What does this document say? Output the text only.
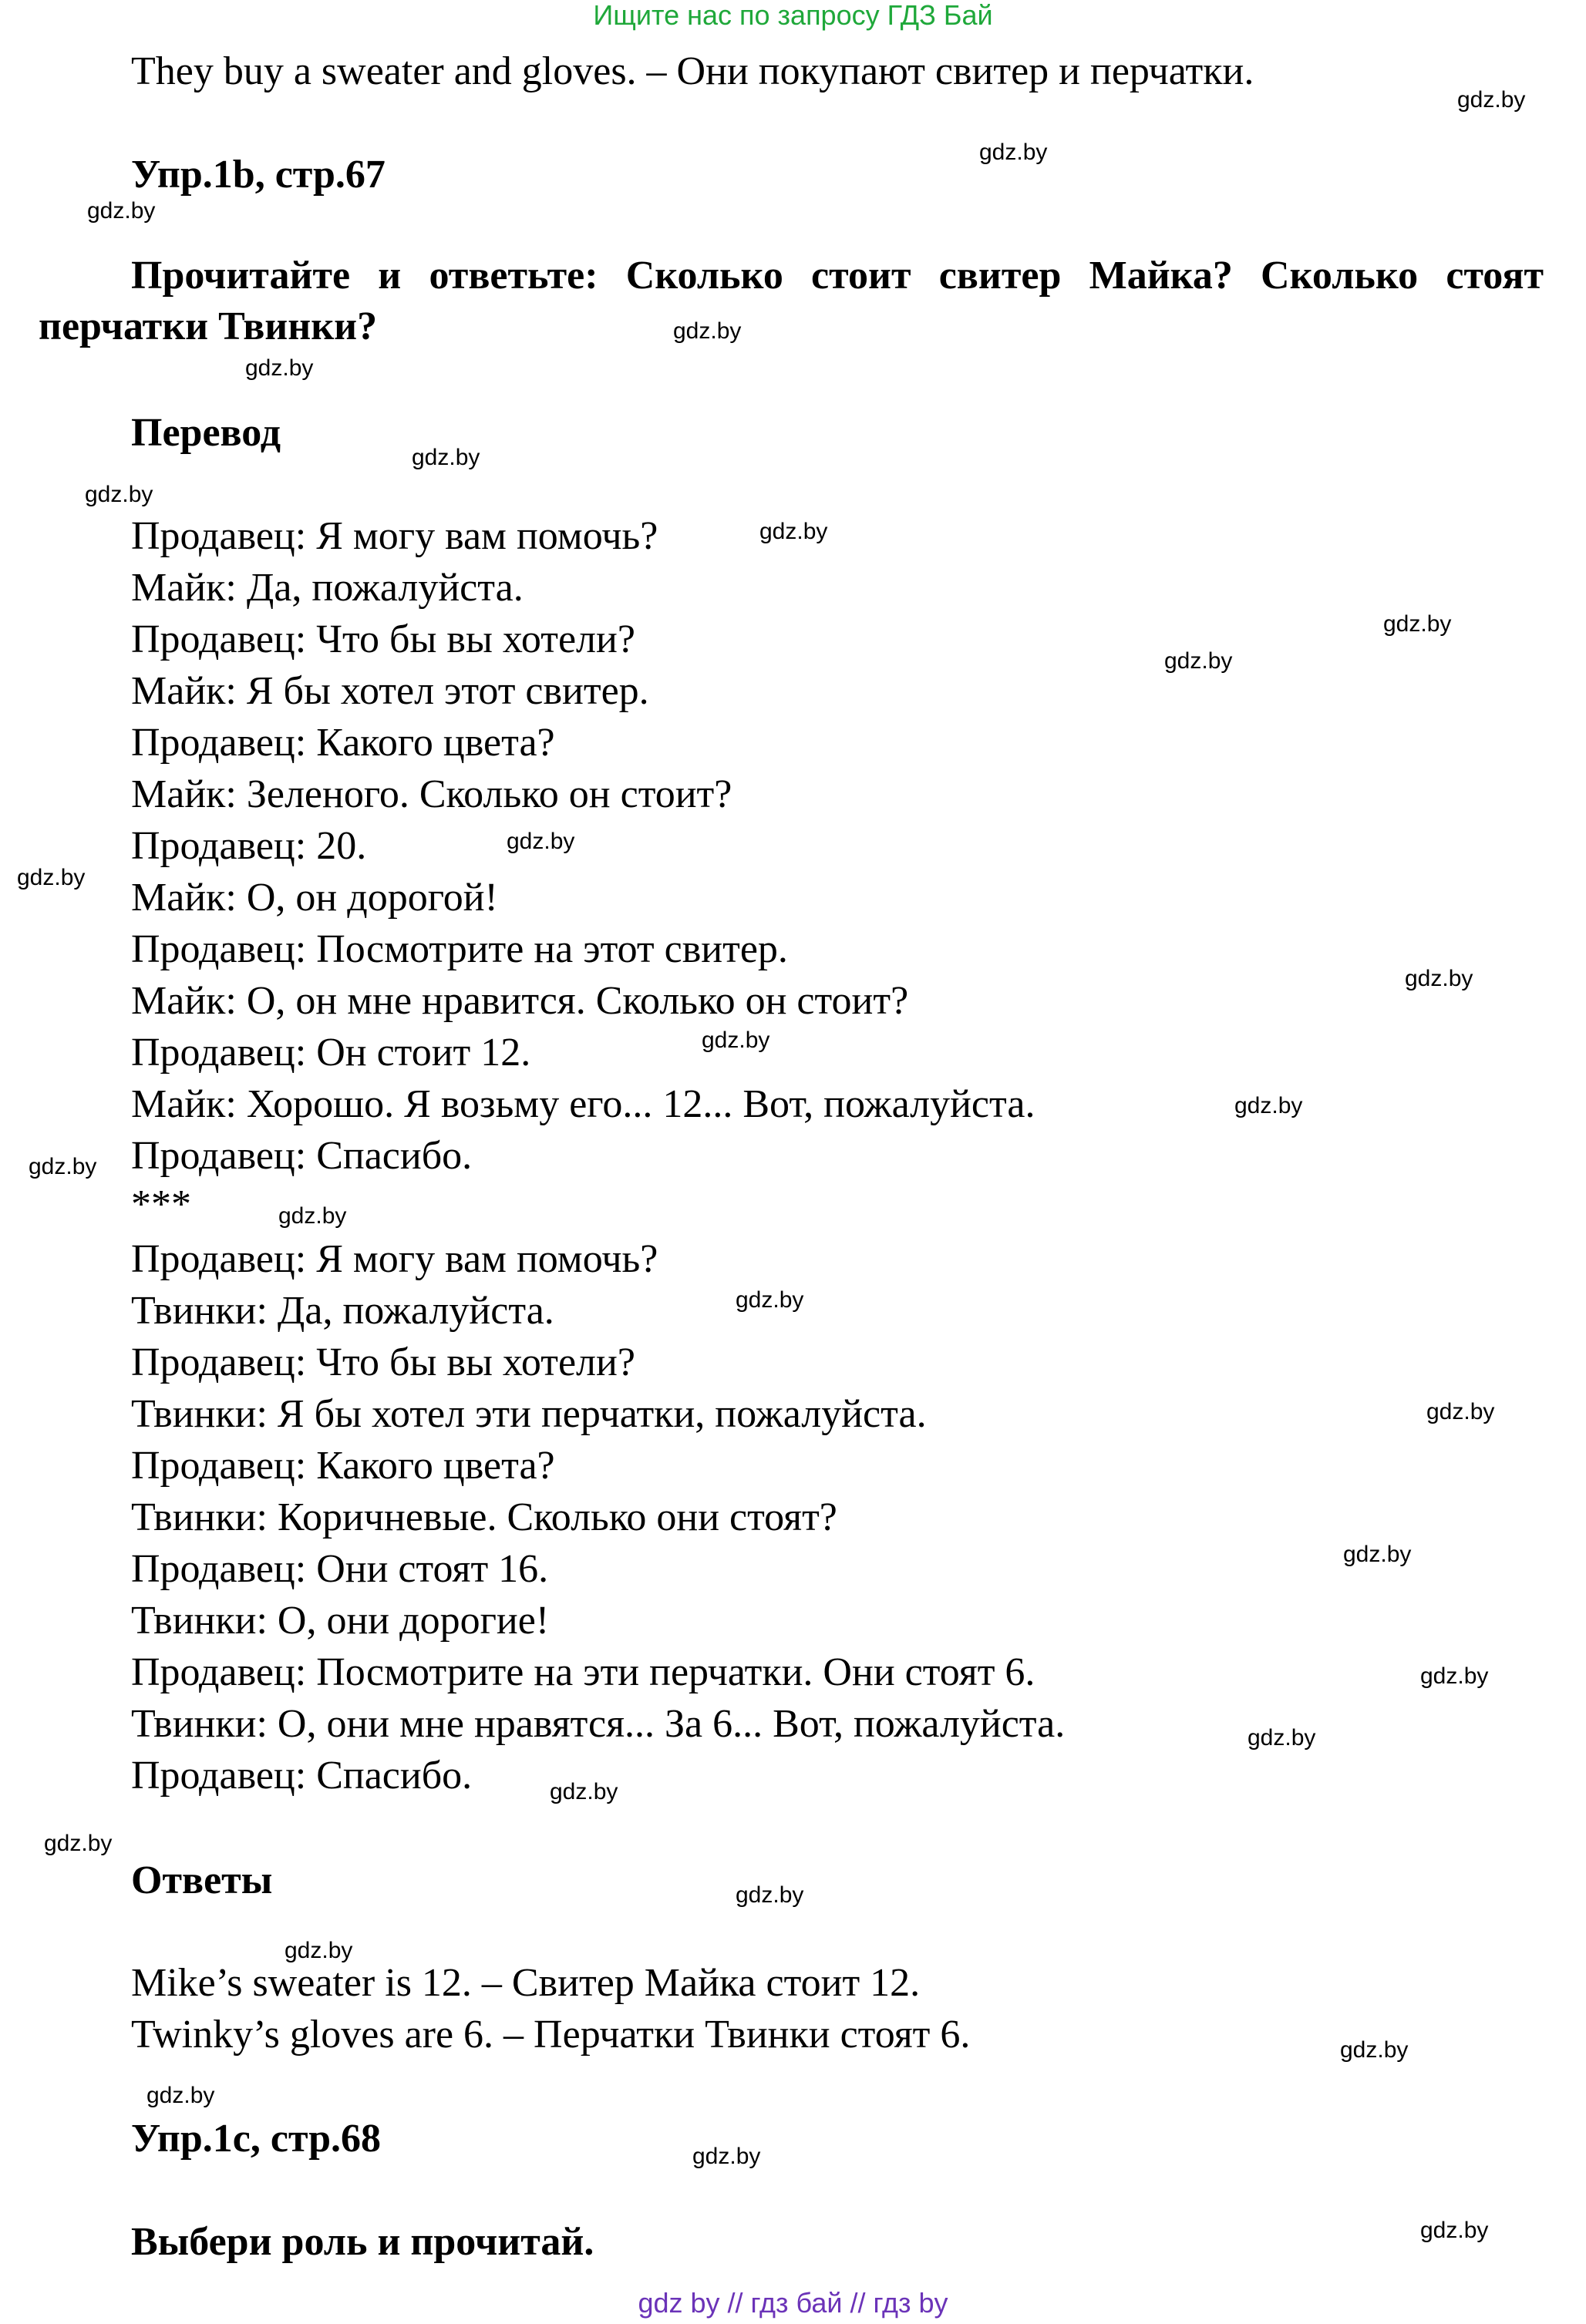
Ищите нас по запросу ГДЗ Бай
They buy a sweater and gloves. – Они покупают свитер и перчатки.
Упр.1b, стр.67
Прочитайте и ответьте: Сколько стоит свитер Майка? Сколько стоят перчатки Твинки?
Перевод
Продавец: Я могу вам помочь?
Майк: Да, пожалуйста.
Продавец: Что бы вы хотели?
Майк: Я бы хотел этот свитер.
Продавец: Какого цвета?
Майк: Зеленого. Сколько он стоит?
Продавец: 20.
Майк: О, он дорогой!
Продавец: Посмотрите на этот свитер.
Майк: О, он мне нравится. Сколько он стоит?
Продавец: Он стоит 12.
Майк: Хорошо. Я возьму его... 12... Вот, пожалуйста.
Продавец: Спасибо.
***
Продавец: Я могу вам помочь?
Твинки: Да, пожалуйста.
Продавец: Что бы вы хотели?
Твинки: Я бы хотел эти перчатки, пожалуйста.
Продавец: Какого цвета?
Твинки: Коричневые. Сколько они стоят?
Продавец: Они стоят 16.
Твинки: О, они дорогие!
Продавец: Посмотрите на эти перчатки. Они стоят 6.
Твинки: О, они мне нравятся... За 6... Вот, пожалуйста.
Продавец: Спасибо.
Ответы
Mike’s sweater is 12. – Свитер Майка стоит 12.
Twinky’s gloves are 6. – Перчатки Твинки стоят 6.
Упр.1c, стр.68
Выбери роль и прочитай.
gdz.by
gdz.by
gdz.by
gdz.by
gdz.by
gdz.by
gdz.by
gdz.by
gdz.by
gdz.by
gdz.by
gdz.by
gdz.by
gdz.by
gdz.by
gdz.by
gdz.by
gdz.by
gdz.by
gdz.by
gdz.by
gdz.by
gdz.by
gdz.by
gdz.by
gdz.by
gdz.by
gdz.by
gdz.by
gdz.by
gdz by // гдз бай // гдз by
